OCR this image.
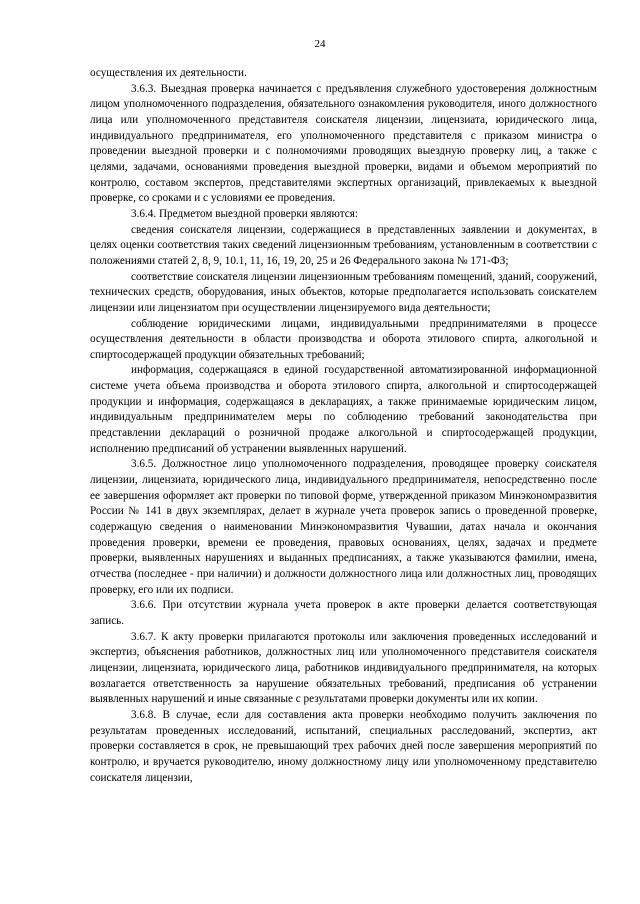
24

осуществления их деятельности.

3.6.3. Выездная проверка начинается с предъявления служебного удостоверения должностным лицом уполномоченного подразделения, обязательного ознакомления руководителя, иного должностного лица или уполномоченного представителя соискателя лицензии, лицензиата, юридического лица, индивидуального предпринимателя, его уполномоченного представителя с приказом министра о проведении выездной проверки и с полномочиями проводящих выездную проверку лиц, а также с целями, задачами, основаниями проведения выездной проверки, видами и объемом мероприятий по контролю, составом экспертов, представителями экспертных организаций, привлекаемых к выездной проверке, со сроками и с условиями ее проведения.

3.6.4. Предметом выездной проверки являются:

сведения соискателя лицензии, содержащиеся в представленных заявлении и документах, в целях оценки соответствия таких сведений лицензионным требованиям, установленным в соответствии с положениями статей 2, 8, 9, 10.1, 11, 16, 19, 20, 25 и 26 Федерального закона № 171-ФЗ;

соответствие соискателя лицензии лицензионным требованиям помещений, зданий, сооружений, технических средств, оборудования, иных объектов, которые предполагается использовать соискателем лицензии или лицензиатом при осуществлении лицензируемого вида деятельности;

соблюдение юридическими лицами, индивидуальными предпринимателями в процессе осуществления деятельности в области производства и оборота этилового спирта, алкогольной и спиртосодержащей продукции обязательных требований;

информация, содержащаяся в единой государственной автоматизированной информационной системе учета объема производства и оборота этилового спирта, алкогольной и спиртосодержащей продукции и информация, содержащаяся в декларациях, а также принимаемые юридическим лицом, индивидуальным предпринимателем меры по соблюдению требований законодательства при представлении деклараций о розничной продаже алкогольной и спиртосодержащей продукции, исполнению предписаний об устранении выявленных нарушений.

3.6.5. Должностное лицо уполномоченного подразделения, проводящее проверку соискателя лицензии, лицензиата, юридического лица, индивидуального предпринимателя, непосредственно после ее завершения оформляет акт проверки по типовой форме, утвержденной приказом Минэкономразвития России № 141 в двух экземплярах, делает в журнале учета проверок запись о проведенной проверке, содержащую сведения о наименовании Минэкономразвития Чувашии, датах начала и окончания проведения проверки, времени ее проведения, правовых основаниях, целях, задачах и предмете проверки, выявленных нарушениях и выданных предписаниях, а также указываются фамилии, имена, отчества (последнее - при наличии) и должности должностного лица или должностных лиц, проводящих проверку, его или их подписи.

3.6.6. При отсутствии журнала учета проверок в акте проверки делается соответствующая запись.

3.6.7. К акту проверки прилагаются протоколы или заключения проведенных исследований и экспертиз, объяснения работников, должностных лиц или уполномоченного представителя соискателя лицензии, лицензиата, юридического лица, работников индивидуального предпринимателя, на которых возлагается ответственность за нарушение обязательных требований, предписания об устранении выявленных нарушений и иные связанные с результатами проверки документы или их копии.

3.6.8. В случае, если для составления акта проверки необходимо получить заключения по результатам проведенных исследований, испытаний, специальных расследований, экспертиз, акт проверки составляется в срок, не превышающий трех рабочих дней после завершения мероприятий по контролю, и вручается руководителю, иному должностному лицу или уполномоченному представителю соискателя лицензии,
